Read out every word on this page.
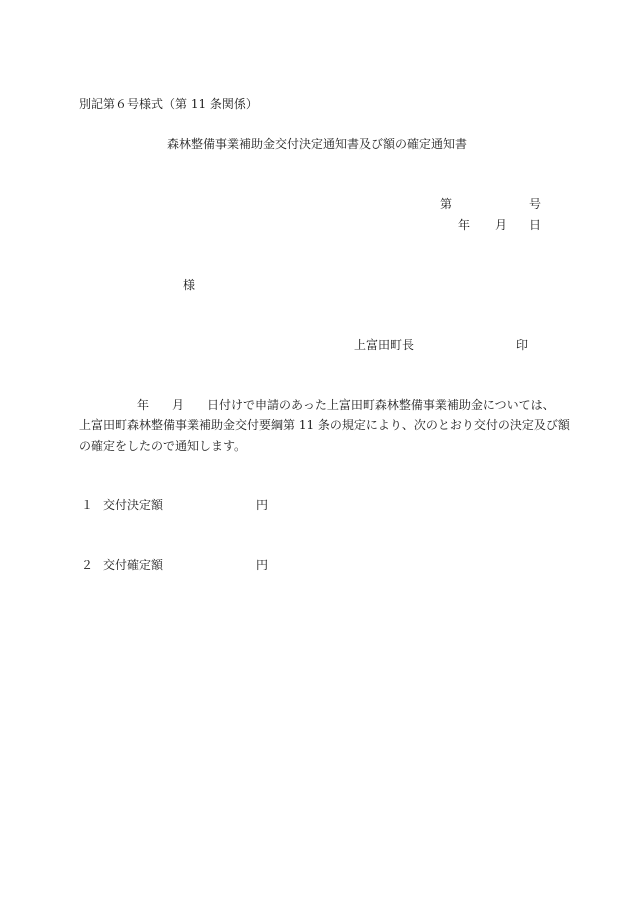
別記第６号様式（第 11 条関係）
森林整備事業補助金交付決定通知書及び額の確定通知書
第	号
年 月 日
様
上富田町長	印
年 月 日付けで申請のあった上富田町森林整備事業補助金については、
上富田町森林整備事業補助金交付要綱第 11 条の規定により、次のとおり交付の決定及び額
の確定をしたので通知します。
１ 交付決定額	円
２ 交付確定額	円
